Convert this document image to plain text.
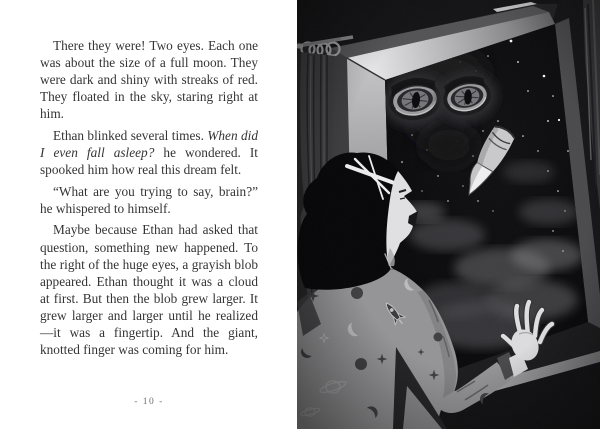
There they were! Two eyes. Each one was about the size of a full moon. They were dark and shiny with streaks of red. They floated in the sky, staring right at him.

Ethan blinked several times. When did I even fall asleep? he wondered. It spooked him how real this dream felt.

“What are you trying to say, brain?” he whispered to himself.

Maybe because Ethan had asked that question, something new happened. To the right of the huge eyes, a grayish blob appeared. Ethan thought it was a cloud at first. But then the blob grew larger. It grew larger and larger until he realized—it was a fingertip. And the giant, knotted finger was coming for him.

- 10 -
